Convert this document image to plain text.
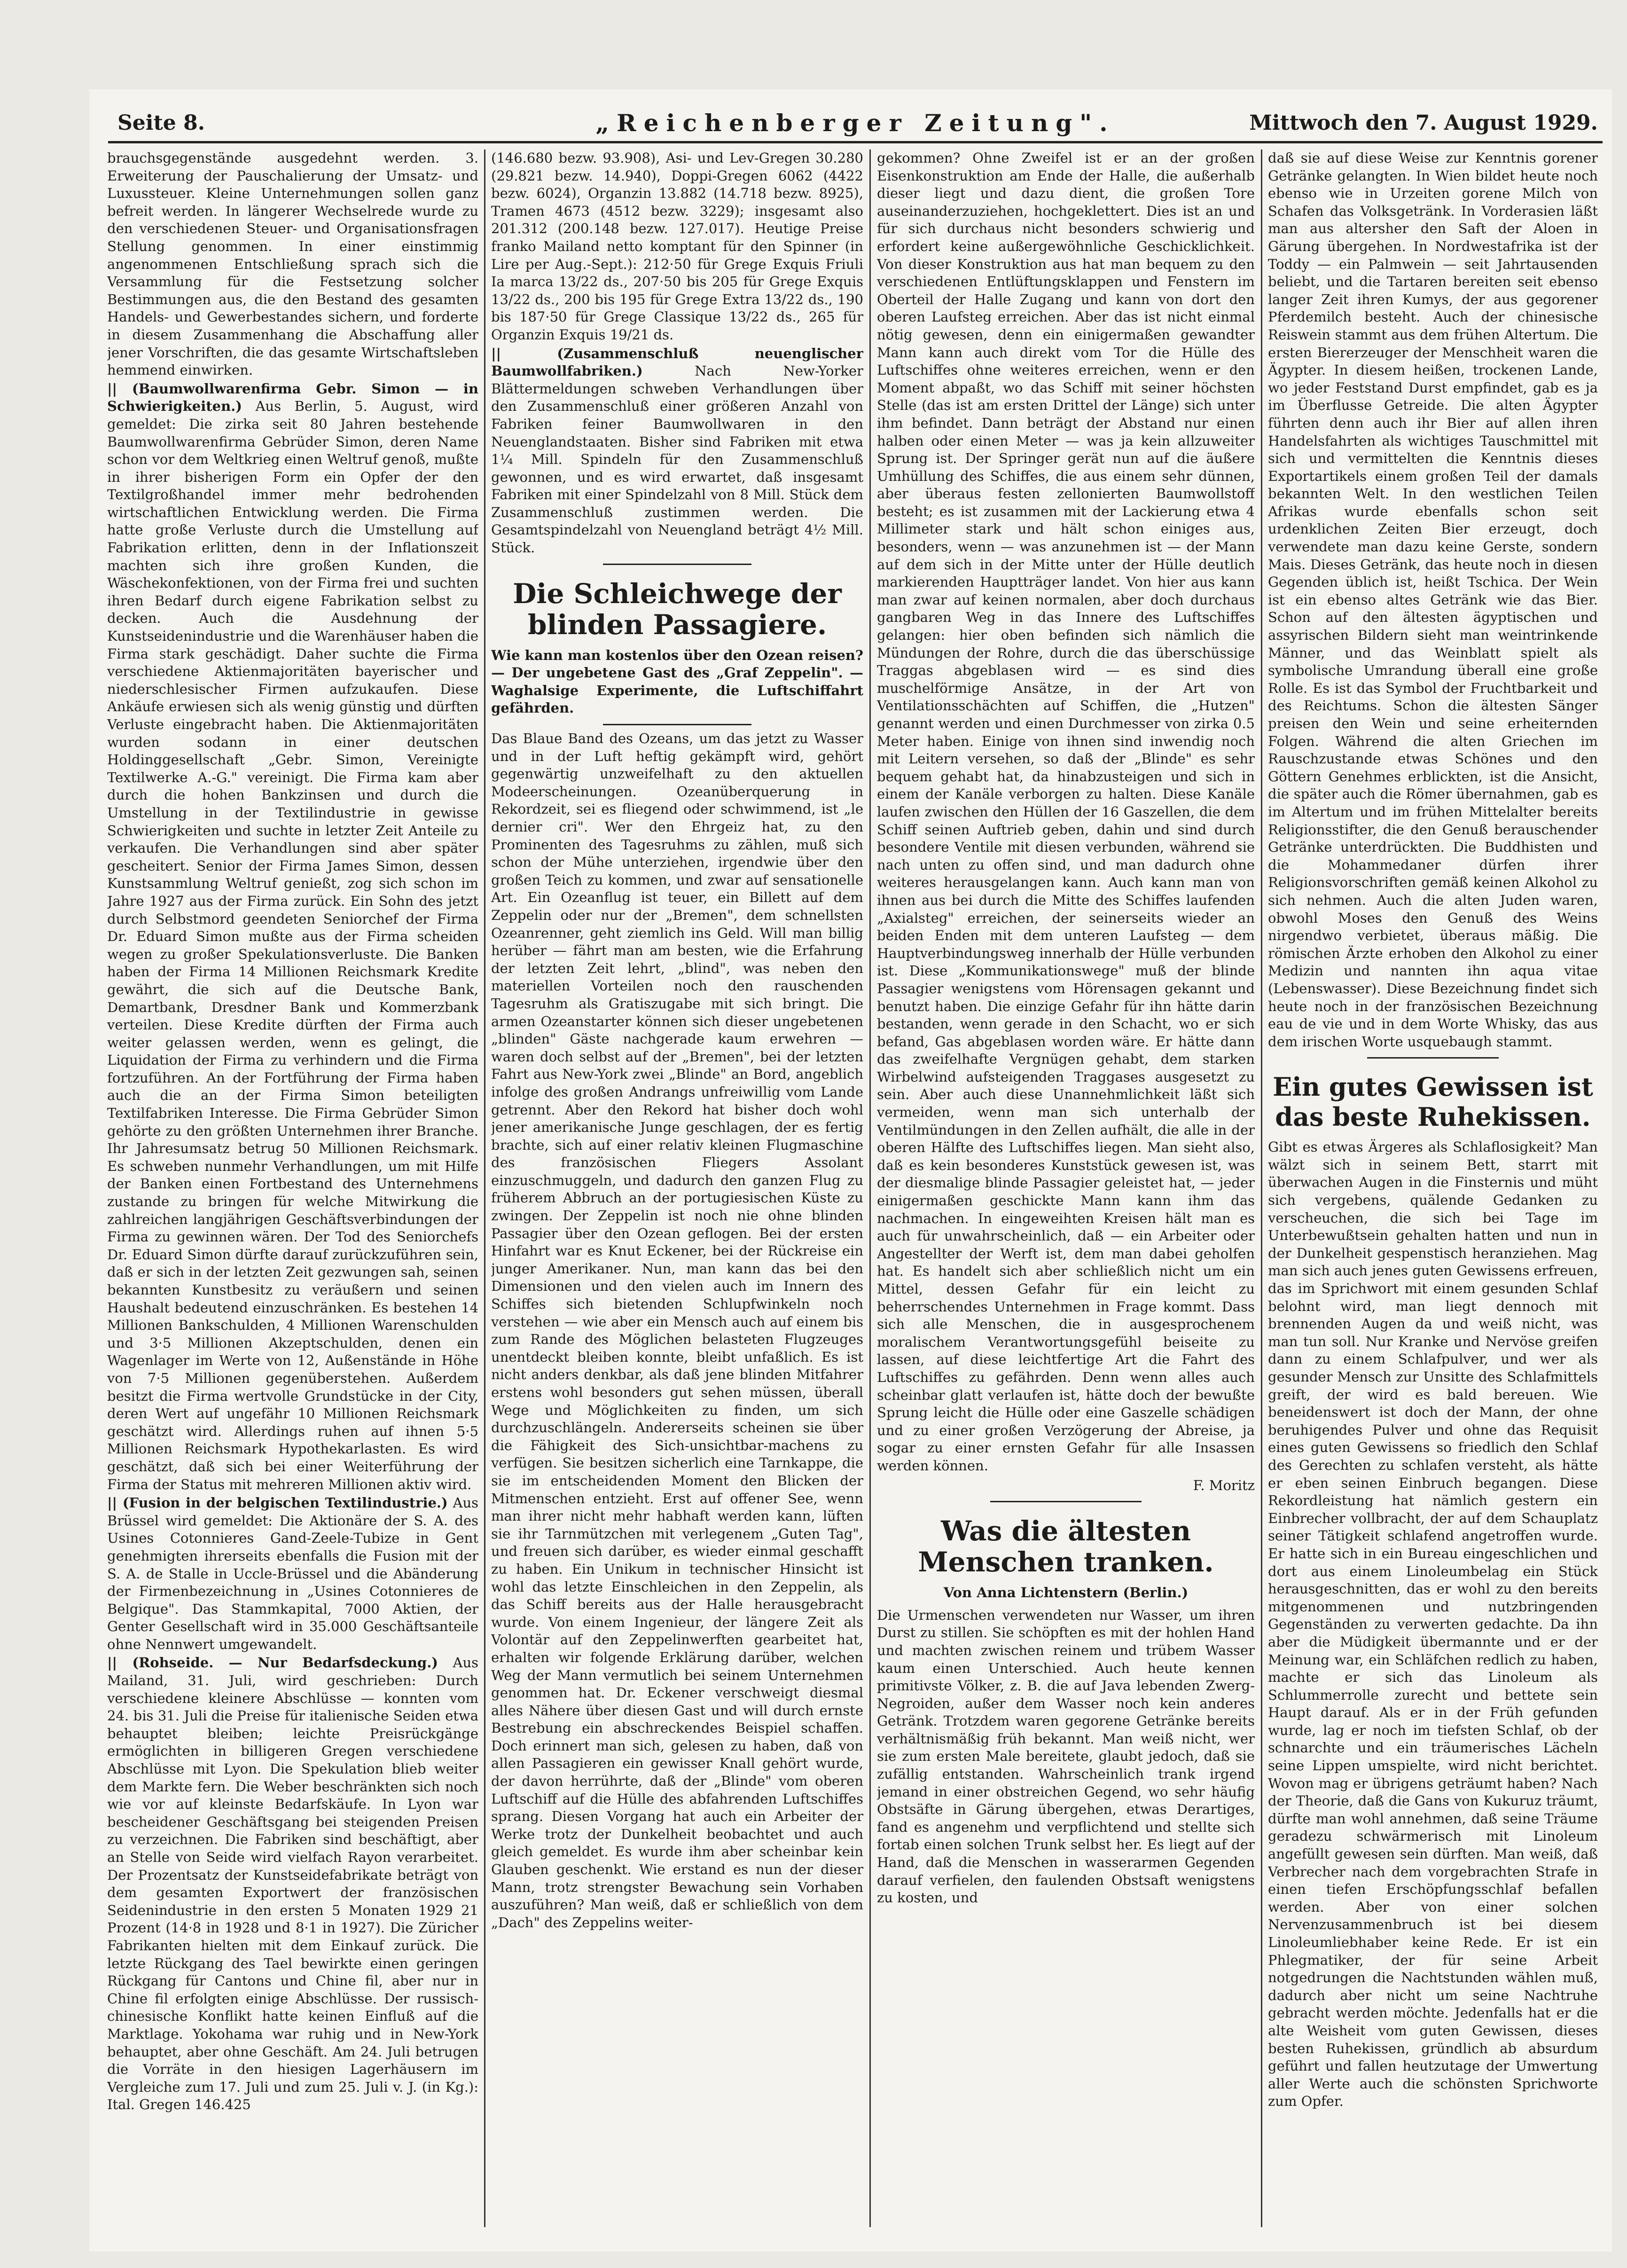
Seite 8.	„Reichenberger Zeitung".	Mittwoch den 7. August 1929.

brauchsgegenstände ausgedehnt werden. 3. Erweiterung der Pauschalierung der Umsatz- und Luxussteuer. Kleine Unternehmungen sollen ganz befreit werden. In längerer Wechselrede wurde zu den verschiedenen Steuer- und Organisationsfragen Stellung genommen. In einer einstimmig angenommenen Entschließung sprach sich die Versammlung für die Festsetzung solcher Bestimmungen aus, die den Bestand des gesamten Handels- und Gewerbestandes sichern, und forderte in diesem Zusammenhang die Abschaffung aller jener Vorschriften, die das gesamte Wirtschaftsleben hemmend einwirken.

|| (Baumwollwarenfirma Gebr. Simon — in Schwierigkeiten.) Aus Berlin, 5. August, wird gemeldet: Die zirka seit 80 Jahren bestehende Baumwollwarenfirma Gebrüder Simon, deren Name schon vor dem Weltkrieg einen Weltruf genoß, mußte in ihrer bisherigen Form ein Opfer der den Textilgroßhandel immer mehr bedrohenden wirtschaftlichen Entwicklung werden. Die Firma hatte große Verluste durch die Umstellung auf Fabrikation erlitten, denn in der Inflationszeit machten sich ihre großen Kunden, die Wäschekonfektionen, von der Firma frei und suchten ihren Bedarf durch eigene Fabrikation selbst zu decken. Auch die Ausdehnung der Kunstseidenindustrie und die Warenhäuser haben die Firma stark geschädigt. Daher suchte die Firma verschiedene Aktienmajoritäten bayerischer und niederschlesischer Firmen aufzukaufen. Diese Ankäufe erwiesen sich als wenig günstig und dürften Verluste eingebracht haben. Die Aktienmajoritäten wurden sodann in einer deutschen Holdinggesellschaft „Gebr. Simon, Vereinigte Textilwerke A.-G." vereinigt. Die Firma kam aber durch die hohen Bankzinsen und durch die Umstellung in der Textilindustrie in gewisse Schwierigkeiten und suchte in letzter Zeit Anteile zu verkaufen. Die Verhandlungen sind aber später gescheitert. Senior der Firma James Simon, dessen Kunstsammlung Weltruf genießt, zog sich schon im Jahre 1927 aus der Firma zurück. Ein Sohn des jetzt durch Selbstmord geendeten Seniorchef der Firma Dr. Eduard Simon mußte aus der Firma scheiden wegen zu großer Spekulationsverluste. Die Banken haben der Firma 14 Millionen Reichsmark Kredite gewährt, die sich auf die Deutsche Bank, Demartbank, Dresdner Bank und Kommerzbank verteilen. Diese Kredite dürften der Firma auch weiter gelassen werden, wenn es gelingt, die Liquidation der Firma zu verhindern und die Firma fortzuführen. An der Fortführung der Firma haben auch die an der Firma Simon beteiligten Textilfabriken Interesse. Die Firma Gebrüder Simon gehörte zu den größten Unternehmen ihrer Branche. Ihr Jahresumsatz betrug 50 Millionen Reichsmark. Es schweben nunmehr Verhandlungen, um mit Hilfe der Banken einen Fortbestand des Unternehmens zustande zu bringen für welche Mitwirkung die zahlreichen langjährigen Geschäftsverbindungen der Firma zu gewinnen wären. Der Tod des Seniorchefs Dr. Eduard Simon dürfte darauf zurückzuführen sein, daß er sich in der letzten Zeit gezwungen sah, seinen bekannten Kunstbesitz zu veräußern und seinen Haushalt bedeutend einzuschränken. Es bestehen 14 Millionen Bankschulden, 4 Millionen Warenschulden und 3·5 Millionen Akzeptschulden, denen ein Wagenlager im Werte von 12, Außenstände in Höhe von 7·5 Millionen gegenüberstehen. Außerdem besitzt die Firma wertvolle Grundstücke in der City, deren Wert auf ungefähr 10 Millionen Reichsmark geschätzt wird. Allerdings ruhen auf ihnen 5·5 Millionen Reichsmark Hypothekarlasten. Es wird geschätzt, daß sich bei einer Weiterführung der Firma der Status mit mehreren Millionen aktiv wird.

|| (Fusion in der belgischen Textilindustrie.) Aus Brüssel wird gemeldet: Die Aktionäre der S. A. des Usines Cotonnieres Gand-Zeele-Tubize in Gent genehmigten ihrerseits ebenfalls die Fusion mit der S. A. de Stalle in Uccle-Brüssel und die Abänderung der Firmenbezeichnung in „Usines Cotonnieres de Belgique". Das Stammkapital, 7000 Aktien, der Genter Gesellschaft wird in 35.000 Geschäftsanteile ohne Nennwert umgewandelt.

|| (Rohseide. — Nur Bedarfsdeckung.) Aus Mailand, 31. Juli, wird geschrieben: Durch verschiedene kleinere Abschlüsse — konnten vom 24. bis 31. Juli die Preise für italienische Seiden etwa behauptet bleiben; leichte Preisrückgänge ermöglichten in billigeren Gregen verschiedene Abschlüsse mit Lyon. Die Spekulation blieb weiter dem Markte fern. Die Weber beschränkten sich noch wie vor auf kleinste Bedarfskäufe. In Lyon war bescheidener Geschäftsgang bei steigenden Preisen zu verzeichnen. Die Fabriken sind beschäftigt, aber an Stelle von Seide wird vielfach Rayon verarbeitet. Der Prozentsatz der Kunstseidefabrikate beträgt von dem gesamten Exportwert der französischen Seidenindustrie in den ersten 5 Monaten 1929 21 Prozent (14·8 in 1928 und 8·1 in 1927). Die Züricher Fabrikanten hielten mit dem Einkauf zurück. Die letzte Rückgang des Tael bewirkte einen geringen Rückgang für Cantons und Chine fil, aber nur in Chine fil erfolgten einige Abschlüsse. Der russisch-chinesische Konflikt hatte keinen Einfluß auf die Marktlage. Yokohama war ruhig und in New-York behauptet, aber ohne Geschäft. Am 24. Juli betrugen die Vorräte in den hiesigen Lagerhäusern im Vergleiche zum 17. Juli und zum 25. Juli v. J. (in Kg.): Ital. Gregen 146.425

(146.680 bezw. 93.908), Asi- und Lev-Gregen 30.280 (29.821 bezw. 14.940), Doppi-Gregen 6062 (4422 bezw. 6024), Organzin 13.882 (14.718 bezw. 8925), Tramen 4673 (4512 bezw. 3229); insgesamt also 201.312 (200.148 bezw. 127.017). Heutige Preise franko Mailand netto komptant für den Spinner (in Lire per Aug.-Sept.): 212·50 für Grege Exquis Friuli Ia marca 13/22 ds., 207·50 bis 205 für Grege Exquis 13/22 ds., 200 bis 195 für Grege Extra 13/22 ds., 190 bis 187·50 für Grege Classique 13/22 ds., 265 für Organzin Exquis 19/21 ds.

|| (Zusammenschluß neuenglischer Baumwollfabriken.)	Nach New-Yorker Blättermeldungen schweben Verhandlungen über den Zusammenschluß einer größeren Anzahl von Fabriken feiner Baumwollwaren in den Neuenglandstaaten. Bisher sind Fabriken mit etwa 1¼ Mill. Spindeln für den Zusammenschluß gewonnen, und es wird erwartet, daß insgesamt Fabriken mit einer Spindelzahl von 8 Mill. Stück dem Zusammenschluß zustimmen werden. Die Gesamtspindelzahl von Neuengland beträgt 4½ Mill. Stück.

Die Schleichwege der blinden Passagiere.

Wie kann man kostenlos über den Ozean reisen? — Der ungebetene Gast des „Graf Zeppelin". — Waghalsige Experimente, die Luftschiffahrt gefährden.

Das Blaue Band des Ozeans, um das jetzt zu Wasser und in der Luft heftig gekämpft wird, gehört gegenwärtig unzweifelhaft zu den aktuellen Modeerscheinungen. Ozeanüberquerung in Rekordzeit, sei es fliegend oder schwimmend, ist „le dernier cri". Wer den Ehrgeiz hat, zu den Prominenten des Tagesruhms zu zählen, muß sich schon der Mühe unterziehen, irgendwie über den großen Teich zu kommen, und zwar auf sensationelle Art. Ein Ozeanflug ist teuer, ein Billett auf dem Zeppelin oder nur der „Bremen", dem schnellsten Ozeanrenner, geht ziemlich ins Geld. Will man billig herüber — fährt man am besten, wie die Erfahrung der letzten Zeit lehrt, „blind", was neben den materiellen Vorteilen noch den rauschenden Tagesruhm als Gratiszugabe mit sich bringt. Die armen Ozeanstarter können sich dieser ungebetenen „blinden" Gäste nachgerade kaum erwehren — waren doch selbst auf der „Bremen", bei der letzten Fahrt aus New-York zwei „Blinde" an Bord, angeblich infolge des großen Andrangs unfreiwillig vom Lande getrennt. Aber den Rekord hat bisher doch wohl jener amerikanische Junge geschlagen, der es fertig brachte, sich auf einer relativ kleinen Flugmaschine des französischen Fliegers Assolant einzuschmuggeln, und dadurch den ganzen Flug zu früherem Abbruch an der portugiesischen Küste zu zwingen. Der Zeppelin ist noch nie ohne blinden Passagier über den Ozean geflogen. Bei der ersten Hinfahrt war es Knut Eckener, bei der Rückreise ein junger Amerikaner. Nun, man kann das bei den Dimensionen und den vielen auch im Innern des Schiffes sich bietenden Schlupfwinkeln noch verstehen — wie aber ein Mensch auch auf einem bis zum Rande des Möglichen belasteten Flugzeuges unentdeckt bleiben konnte, bleibt unfaßlich. Es ist nicht anders denkbar, als daß jene blinden Mitfahrer erstens wohl besonders gut sehen müssen, überall Wege und Möglichkeiten zu finden, um sich durchzuschlängeln. Andererseits scheinen sie über die Fähigkeit des Sich-unsichtbar-machens zu verfügen. Sie besitzen sicherlich eine Tarnkappe, die sie im entscheidenden Moment den Blicken der Mitmenschen entzieht. Erst auf offener See, wenn man ihrer nicht mehr habhaft werden kann, lüften sie ihr Tarnmützchen mit verlegenem „Guten Tag", und freuen sich darüber, es wieder einmal geschafft zu haben. Ein Unikum in technischer Hinsicht ist wohl das letzte Einschleichen in den Zeppelin, als das Schiff bereits aus der Halle herausgebracht wurde. Von einem Ingenieur, der längere Zeit als Volontär auf den Zeppelinwerften gearbeitet hat, erhalten wir folgende Erklärung darüber, welchen Weg der Mann vermutlich bei seinem Unternehmen genommen hat. Dr. Eckener verschweigt diesmal alles Nähere über diesen Gast und will durch ernste Bestrebung ein abschreckendes Beispiel schaffen. Doch erinnert man sich, gelesen zu haben, daß von allen Passagieren ein gewisser Knall gehört wurde, der davon herrührte, daß der „Blinde" vom oberen Luftschiff auf die Hülle des abfahrenden Luftschiffes sprang. Diesen Vorgang hat auch ein Arbeiter der Werke trotz der Dunkelheit beobachtet und auch gleich gemeldet. Es wurde ihm aber scheinbar kein Glauben geschenkt. Wie erstand es nun der dieser Mann, trotz strengster Bewachung sein Vorhaben auszuführen? Man weiß, daß er schließlich von dem „Dach" des Zeppelins weiter-

gekommen? Ohne Zweifel ist er an der großen Eisenkonstruktion am Ende der Halle, die außerhalb dieser liegt und dazu dient, die großen Tore auseinanderzuziehen, hochgeklettert. Dies ist an und für sich durchaus nicht besonders schwierig und erfordert keine außergewöhnliche Geschicklichkeit. Von dieser Konstruktion aus hat man bequem zu den verschiedenen Entlüftungsklappen und Fenstern im Oberteil der Halle Zugang und kann von dort den oberen Laufsteg erreichen. Aber das ist nicht einmal nötig gewesen, denn ein einigermaßen gewandter Mann kann auch direkt vom Tor die Hülle des Luftschiffes ohne weiteres erreichen, wenn er den Moment abpaßt, wo das Schiff mit seiner höchsten Stelle (das ist am ersten Drittel der Länge) sich unter ihm befindet. Dann beträgt der Abstand nur einen halben oder einen Meter — was ja kein allzuweiter Sprung ist. Der Springer gerät nun auf die äußere Umhüllung des Schiffes, die aus einem sehr dünnen, aber überaus festen zellonierten Baumwollstoff besteht; es ist zusammen mit der Lackierung etwa 4 Millimeter stark und hält schon einiges aus, besonders, wenn — was anzunehmen ist — der Mann auf dem sich in der Mitte unter der Hülle deutlich markierenden Hauptträger landet. Von hier aus kann man zwar auf keinen normalen, aber doch durchaus gangbaren Weg in das Innere des Luftschiffes gelangen: hier oben befinden sich nämlich die Mündungen der Rohre, durch die das überschüssige Traggas abgeblasen wird — es sind dies muschelförmige Ansätze, in der Art von Ventilationsschächten auf Schiffen, die „Hutzen" genannt werden und einen Durchmesser von zirka 0.5 Meter haben. Einige von ihnen sind inwendig noch mit Leitern versehen, so daß der „Blinde" es sehr bequem gehabt hat, da hinabzusteigen und sich in einem der Kanäle verborgen zu halten. Diese Kanäle laufen zwischen den Hüllen der 16 Gaszellen, die dem Schiff seinen Auftrieb geben, dahin und sind durch besondere Ventile mit diesen verbunden, während sie nach unten zu offen sind, und man dadurch ohne weiteres herausgelangen kann. Auch kann man von ihnen aus bei durch die Mitte des Schiffes laufenden „Axialsteg" erreichen, der seinerseits wieder an beiden Enden mit dem unteren Laufsteg — dem Hauptverbindungsweg innerhalb der Hülle verbunden ist. Diese „Kommunikationswege" muß der blinde Passagier wenigstens vom Hörensagen gekannt und benutzt haben. Die einzige Gefahr für ihn hätte darin bestanden, wenn gerade in den Schacht, wo er sich befand, Gas abgeblasen worden wäre. Er hätte dann das zweifelhafte Vergnügen gehabt, dem starken Wirbelwind aufsteigenden Traggases ausgesetzt zu sein. Aber auch diese Unannehmlichkeit läßt sich vermeiden, wenn man sich unterhalb der Ventilmündungen in den Zellen aufhält, die alle in der oberen Hälfte des Luftschiffes liegen. Man sieht also, daß es kein besonderes Kunststück gewesen ist, was der diesmalige blinde Passagier geleistet hat, — jeder einigermaßen geschickte Mann kann ihm das nachmachen. In eingeweihten Kreisen hält man es auch für unwahrscheinlich, daß — ein Arbeiter oder Angestellter der Werft ist, dem man dabei geholfen hat. Es handelt sich aber schließlich nicht um ein Mittel, dessen Gefahr für ein leicht zu beherrschendes Unternehmen in Frage kommt. Dass sich alle Menschen, die in ausgesprochenem moralischem Verantwortungsgefühl beiseite zu lassen, auf diese leichtfertige Art die Fahrt des Luftschiffes zu gefährden. Denn wenn alles auch scheinbar glatt verlaufen ist, hätte doch der bewußte Sprung leicht die Hülle oder eine Gaszelle schädigen und zu einer großen Verzögerung der Abreise, ja sogar zu einer ernsten Gefahr für alle Insassen werden können.

F. Moritz

Was die ältesten Menschen tranken.

Von Anna Lichtenstern (Berlin.)

Die Urmenschen verwendeten nur Wasser, um ihren Durst zu stillen. Sie schöpften es mit der hohlen Hand und machten zwischen reinem und trübem Wasser kaum einen Unterschied. Auch heute kennen primitivste Völker, z. B. die auf Java lebenden Zwerg-Negroiden, außer dem Wasser noch kein anderes Getränk. Trotzdem waren gegorene Getränke bereits verhältnismäßig früh bekannt. Man weiß nicht, wer sie zum ersten Male bereitete, glaubt jedoch, daß sie zufällig entstanden. Wahrscheinlich trank irgend jemand in einer obstreichen Gegend, wo sehr häufig Obstsäfte in Gärung übergehen, etwas Derartiges, fand es angenehm und verpflichtend und stellte sich fortab einen solchen Trunk selbst her. Es liegt auf der Hand, daß die Menschen in wasserarmen Gegenden darauf verfielen, den faulenden Obstsaft wenigstens zu kosten, und

daß sie auf diese Weise zur Kenntnis gorener Getränke gelangten. In Wien bildet heute noch ebenso wie in Urzeiten gorene Milch von Schafen das Volksgetränk. In Vorderasien läßt man aus altersher den Saft der Aloen in Gärung übergehen. In Nordwestafrika ist der Toddy — ein Palmwein — seit Jahrtausenden beliebt, und die Tartaren bereiten seit ebenso langer Zeit ihren Kumys, der aus gegorener Pferdemilch besteht. Auch der chinesische Reiswein stammt aus dem frühen Altertum. Die ersten Biererzeuger der Menschheit waren die Ägypter. In diesem heißen, trockenen Lande, wo jeder Feststand Durst empfindet, gab es ja im Überflusse Getreide. Die alten Ägypter führten denn auch ihr Bier auf allen ihren Handelsfahrten als wichtiges Tauschmittel mit sich und vermittelten die Kenntnis dieses Exportartikels einem großen Teil der damals bekannten Welt. In den westlichen Teilen Afrikas wurde ebenfalls schon seit urdenklichen Zeiten Bier erzeugt, doch verwendete man dazu keine Gerste, sondern Mais. Dieses Getränk, das heute noch in diesen Gegenden üblich ist, heißt Tschica. Der Wein ist ein ebenso altes Getränk wie das Bier. Schon auf den ältesten ägyptischen und assyrischen Bildern sieht man weintrinkende Männer, und das Weinblatt spielt als symbolische Umrandung überall eine große Rolle. Es ist das Symbol der Fruchtbarkeit und des Reichtums. Schon die ältesten Sänger preisen den Wein und seine erheiternden Folgen. Während die alten Griechen im Rauschzustande etwas Schönes und den Göttern Genehmes erblickten, ist die Ansicht, die später auch die Römer übernahmen, gab es im Altertum und im frühen Mittelalter bereits Religionsstifter, die den Genuß berauschender Getränke unterdrückten. Die Buddhisten und die Mohammedaner dürfen ihrer Religionsvorschriften gemäß keinen Alkohol zu sich nehmen. Auch die alten Juden waren, obwohl Moses den Genuß des Weins nirgendwo verbietet, überaus mäßig. Die römischen Ärzte erhoben den Alkohol zu einer Medizin und nannten ihn aqua vitae (Lebenswasser). Diese Bezeichnung findet sich heute noch in der französischen Bezeichnung eau de vie und in dem Worte Whisky, das aus dem irischen Worte usquebaugh stammt.

Ein gutes Gewissen ist das beste Ruhekissen.

Gibt es etwas Ärgeres als Schlaflosigkeit? Man wälzt sich in seinem Bett, starrt mit überwachen Augen in die Finsternis und müht sich vergebens, quälende Gedanken zu verscheuchen, die sich bei Tage im Unterbewußtsein gehalten hatten und nun in der Dunkelheit gespenstisch heranziehen. Mag man sich auch jenes guten Gewissens erfreuen, das im Sprichwort mit einem gesunden Schlaf belohnt wird, man liegt dennoch mit brennenden Augen da und weiß nicht, was man tun soll. Nur Kranke und Nervöse greifen dann zu einem Schlafpulver, und wer als gesunder Mensch zur Unsitte des Schlafmittels greift, der wird es bald bereuen. Wie beneidenswert ist doch der Mann, der ohne beruhigendes Pulver und ohne das Requisit eines guten Gewissens so friedlich den Schlaf des Gerechten zu schlafen versteht, als hätte er eben seinen Einbruch begangen. Diese Rekordleistung hat nämlich gestern ein Einbrecher vollbracht, der auf dem Schauplatz seiner Tätigkeit schlafend angetroffen wurde. Er hatte sich in ein Bureau eingeschlichen und dort aus einem Linoleumbelag ein Stück herausgeschnitten, das er wohl zu den bereits mitgenommenen und nutzbringenden Gegenständen zu verwerten gedachte. Da ihn aber die Müdigkeit übermannte und er der Meinung war, ein Schläfchen redlich zu haben, machte er sich das Linoleum als Schlummerrolle zurecht und bettete sein Haupt darauf. Als er in der Früh gefunden wurde, lag er noch im tiefsten Schlaf, ob der schnarchte und ein träumerisches Lächeln seine Lippen umspielte, wird nicht berichtet. Wovon mag er übrigens geträumt haben? Nach der Theorie, daß die Gans von Kukuruz träumt, dürfte man wohl annehmen, daß seine Träume geradezu schwärmerisch mit Linoleum angefüllt gewesen sein dürften. Man weiß, daß Verbrecher nach dem vorgebrachten Strafe in einen tiefen Erschöpfungsschlaf befallen werden. Aber von einer solchen Nervenzusammenbruch ist bei diesem Linoleumliebhaber keine Rede. Er ist ein Phlegmatiker, der für seine Arbeit notgedrungen die Nachtstunden wählen muß, dadurch aber nicht um seine Nachtruhe gebracht werden möchte. Jedenfalls hat er die alte Weisheit vom guten Gewissen, dieses besten Ruhekissen, gründlich ab absurdum geführt und fallen heutzutage der Umwertung aller Werte auch die schönsten Sprichworte zum Opfer.
